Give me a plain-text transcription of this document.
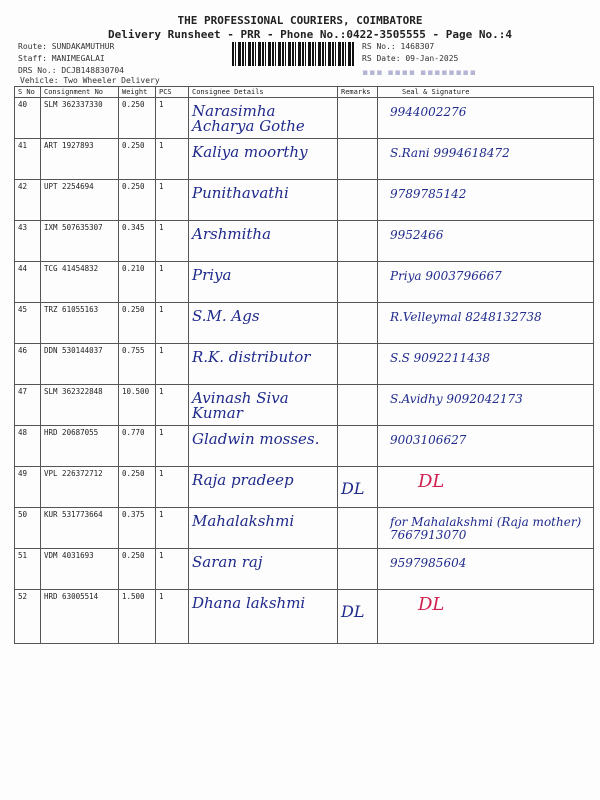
THE PROFESSIONAL COURIERS, COIMBATORE
Delivery Runsheet - PRR - Phone No.:0422-3505555 - Page No.:4
Route: SUNDAKAMUTHUR
Staff: MANIMEGALAI
DRS No.: DCJB148830704
Vehicle: Two Wheeler Delivery
RS No.: 1468307
RS Date: 09-Jan-2025
▪▪▪ ▪▪▪▪ ▪▪▪▪▪▪▪▪
S No	Consignment No	Weight	PCS	Consignee Details	Remarks	Seal & Signature
40	SLM 362337330	0.250	1	Narasimha Acharya Gothe		9944002276
41	ART 1927893	0.250	1	Kaliya moorthy		S.Rani 9994618472
42	UPT 2254694	0.250	1	Punithavathi		9789785142
43	IXM 507635307	0.345	1	Arshmitha		9952466
44	TCG 41454832	0.210	1	Priya		Priya 9003796667
45	TRZ 61055163	0.250	1	S.M. Ags		R.Velleymal 8248132738
46	DDN 530144037	0.755	1	R.K. distributor		S.S 9092211438
47	SLM 362322848	10.500	1	Avinash Siva Kumar		S.Avidhy 9092042173
48	HRD 20687055	0.770	1	Gladwin mosses.		9003106627
49	VPL 226372712	0.250	1	Raja pradeep	DL	DL
50	KUR 531773664	0.375	1	Mahalakshmi		for Mahalakshmi (Raja mother) 7667913070
51	VDM 4031693	0.250	1	Saran raj		9597985604
52	HRD 63005514	1.500	1	Dhana lakshmi	DL	DL
